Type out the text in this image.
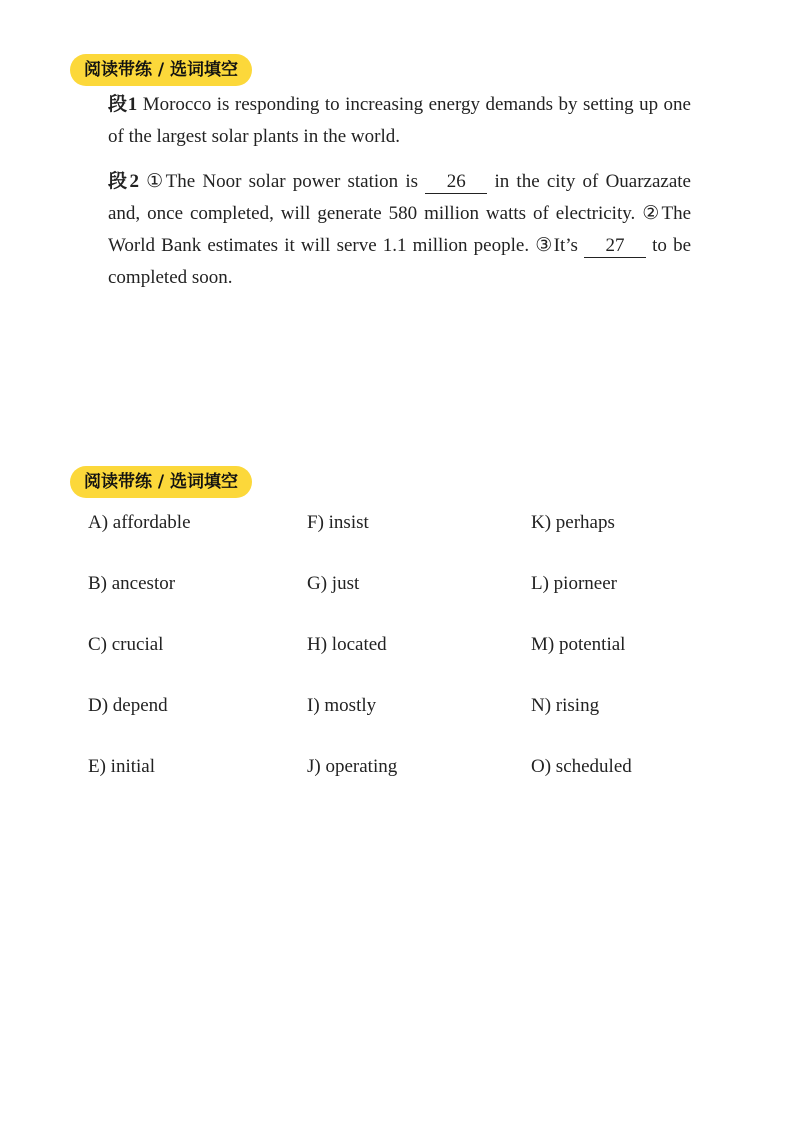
阅读带练 / 选词填空

段1 Morocco is responding to increasing energy demands by setting up one of the largest solar plants in the world.

段2 ①The Noor solar power station is 26 in the city of Ouarzazate and, once completed, will generate 580 million watts of electricity. ②The World Bank estimates it will serve 1.1 million people. ③It’s 27 to be completed soon.

阅读带练 / 选词填空
A) affordable	F) insist	K) perhaps
B) ancestor	G) just	L) piorneer
C) crucial	H) located	M) potential
D) depend	I) mostly	N) rising
E) initial	J) operating	O) scheduled
